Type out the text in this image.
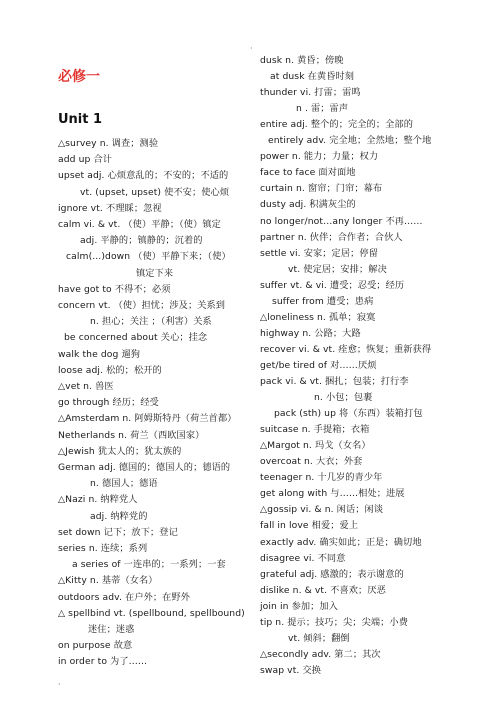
·
·
必修一
Unit 1
△survey n. 调查；测验
add up 合计
upset adj. 心烦意乱的；不安的；不适的
vt. (upset, upset) 使不安；使心烦
ignore vt. 不理睬；忽视
calm vi. & vt. （使）平静；（使）镇定
adj. 平静的；镇静的；沉着的
calm(...)down （使）平静下来；（使）
镇定下来
have got to 不得不；必须
concern vt. （使）担忧；涉及；关系到
n. 担心；关注 ；（利害）关系
be concerned about 关心；挂念
walk the dog 遛狗
loose adj. 松的；松开的
△vet n. 兽医
go through 经历；经受
△Amsterdam n. 阿姆斯特丹（荷兰首都）
Netherlands n. 荷兰（西欧国家）
△Jewish 犹太人的；犹太族的
German adj. 德国的；德国人的；德语的
n. 德国人；德语
△Nazi n. 纳粹党人
adj. 纳粹党的
set down 记下；放下；登记
series n. 连续；系列
a series of 一连串的；一系列；一套
△Kitty n. 基蒂（女名）
outdoors adv. 在户外；在野外
△ spellbind vt. (spellbound, spellbound)
迷住；迷惑
on purpose 故意
in order to 为了……
dusk n. 黄昏；傍晚
at dusk 在黄昏时刻
thunder vi. 打雷；雷鸣
n . 雷；雷声
entire adj. 整个的；完全的；全部的
entirely adv. 完全地；全然地；整个地
power n. 能力；力量；权力
face to face 面对面地
curtain n. 窗帘；门帘；幕布
dusty adj. 积满灰尘的
no longer/not…any longer 不再……
partner n. 伙伴；合作者；合伙人
settle vi. 安家；定居；停留
vt. 使定居；安排；解决
suffer vt. & vi. 遭受；忍受；经历
suffer from 遭受；患病
△loneliness n. 孤单；寂寞
highway n. 公路；大路
recover vi. & vt. 痊愈；恢复；重新获得
get/be tired of 对……厌烦
pack vi. & vt. 捆扎；包装；打行李
n. 小包；包裹
pack (sth) up 将（东西）装箱打包
suitcase n. 手提箱；衣箱
△Margot n. 玛戈（女名）
overcoat n. 大衣；外套
teenager n. 十几岁的青少年
get along with 与……相处；进展
△gossip vi. & n. 闲话；闲谈
fall in love 相爱；爱上
exactly adv. 确实如此；正是；确切地
disagree vi. 不同意
grateful adj. 感激的；表示谢意的
dislike n. & vt. 不喜欢；厌恶
join in 参加；加入
tip n. 提示；技巧；尖；尖端；小费
vt. 倾斜；翻倒
△secondly adv. 第二；其次
swap vt. 交换
